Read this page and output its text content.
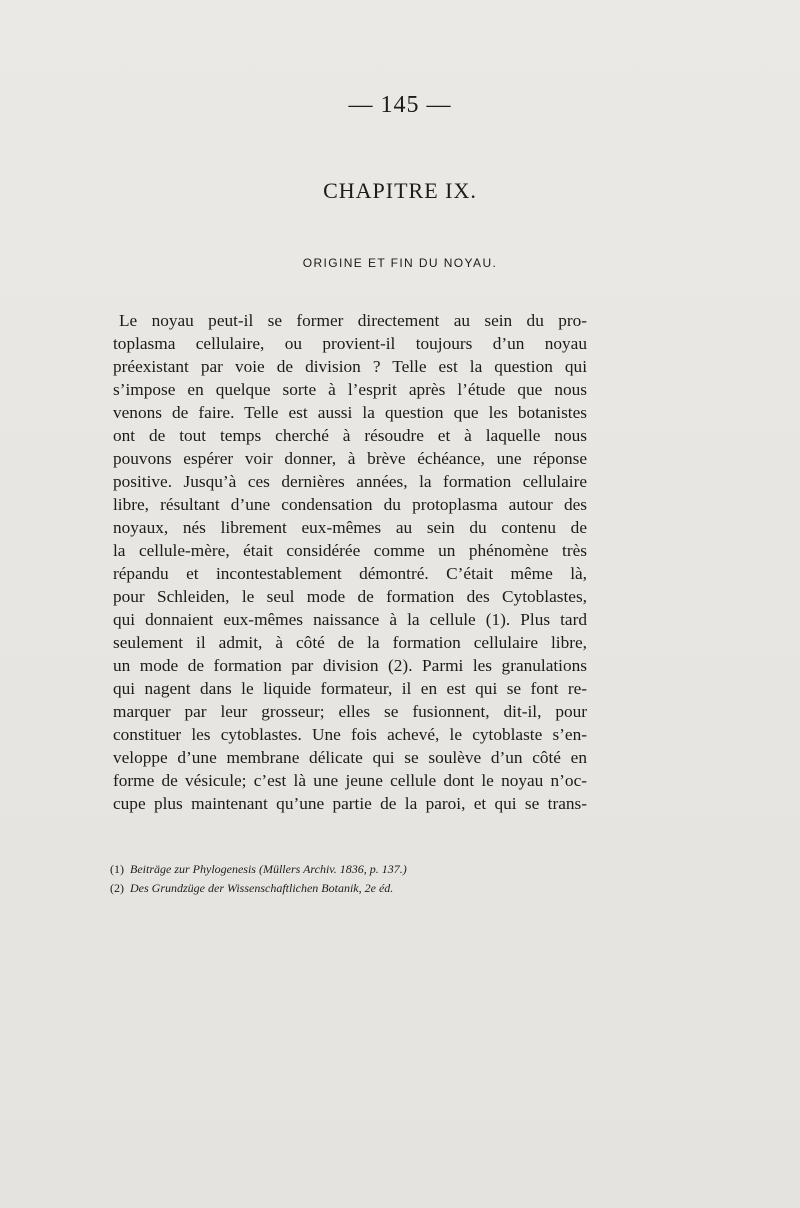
— 145 —
CHAPITRE IX.
ORIGINE ET FIN DU NOYAU.
Le noyau peut-il se former directement au sein du pro-
toplasma cellulaire, ou provient-il toujours d’un noyau
préexistant par voie de division ? Telle est la question qui
s’impose en quelque sorte à l’esprit après l’étude que nous
venons de faire. Telle est aussi la question que les botanistes
ont de tout temps cherché à résoudre et à laquelle nous
pouvons espérer voir donner, à brève échéance, une réponse
positive. Jusqu’à ces dernières années, la formation cellulaire
libre, résultant d’une condensation du protoplasma autour des
noyaux, nés librement eux-mêmes au sein du contenu de
la cellule-mère, était considérée comme un phénomène très
répandu et incontestablement démontré. C’était même là,
pour Schleiden, le seul mode de formation des Cytoblastes,
qui donnaient eux-mêmes naissance à la cellule (1). Plus tard
seulement il admit, à côté de la formation cellulaire libre,
un mode de formation par division (2). Parmi les granulations
qui nagent dans le liquide formateur, il en est qui se font re-
marquer par leur grosseur; elles se fusionnent, dit-il, pour
constituer les cytoblastes. Une fois achevé, le cytoblaste s’en-
veloppe d’une membrane délicate qui se soulève d’un côté en
forme de vésicule; c’est là une jeune cellule dont le noyau n’oc-
cupe plus maintenant qu’une partie de la paroi, et qui se trans-
(1) Beiträge zur Phylogenesis (Müllers Archiv. 1836, p. 137.)
(2) Des Grundzüge der Wissenschaftlichen Botanik, 2e éd.
